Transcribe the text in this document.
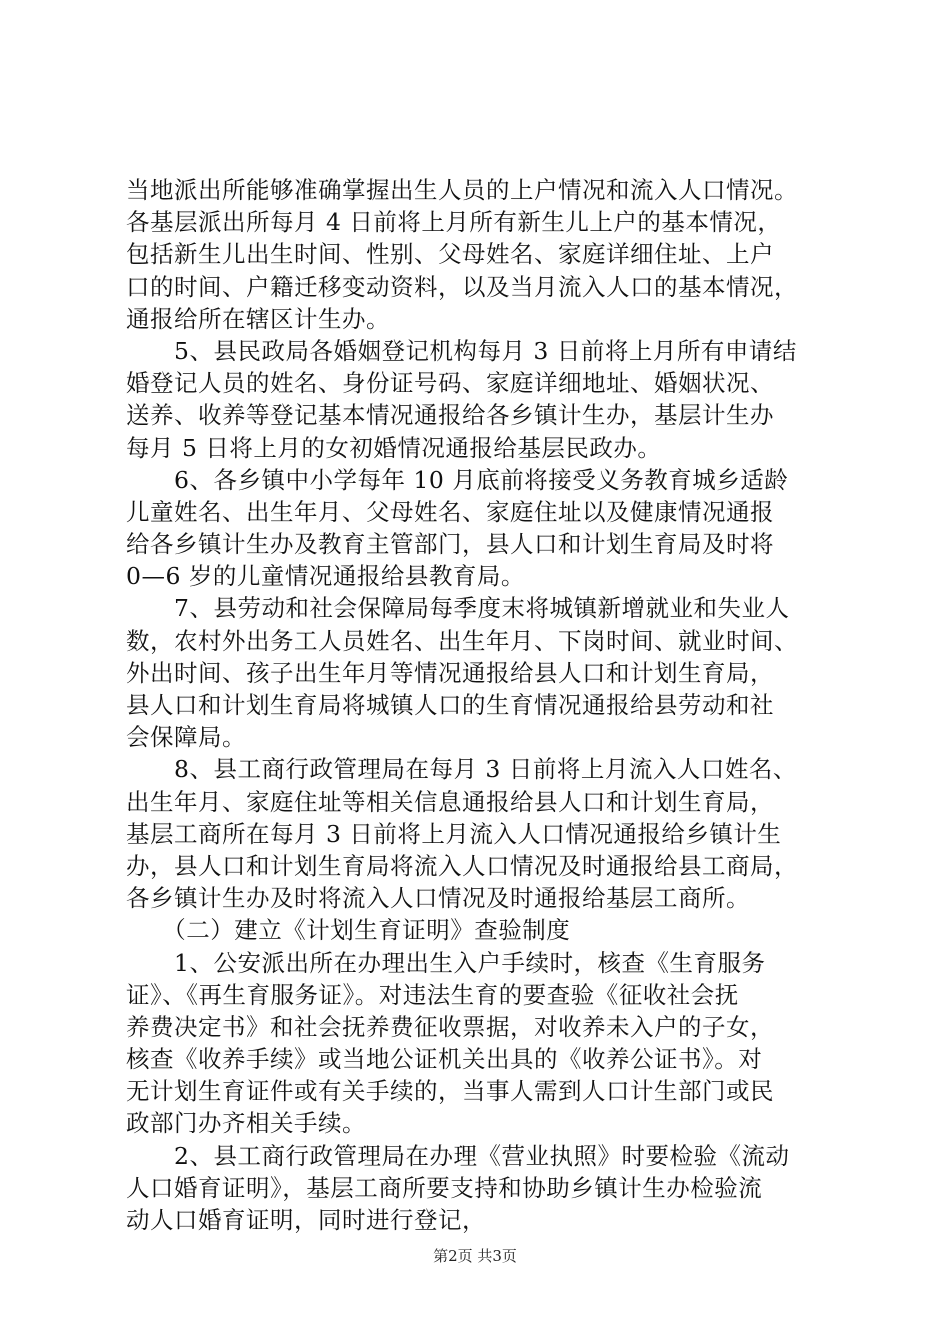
当地派出所能够准确掌握出生人员的上户情况和流入人口情况。
各基层派出所每月 4 日前将上月所有新生儿上户的基本情况，
包括新生儿出生时间、性别、父母姓名、家庭详细住址、上户
口的时间、户籍迁移变动资料，以及当月流入人口的基本情况，
通报给所在辖区计生办。
　　5、县民政局各婚姻登记机构每月 3 日前将上月所有申请结
婚登记人员的姓名、身份证号码、家庭详细地址、婚姻状况、
送养、收养等登记基本情况通报给各乡镇计生办，基层计生办
每月 5 日将上月的女初婚情况通报给基层民政办。
　　6、各乡镇中小学每年 10 月底前将接受义务教育城乡适龄
儿童姓名、出生年月、父母姓名、家庭住址以及健康情况通报
给各乡镇计生办及教育主管部门，县人口和计划生育局及时将
0—6 岁的儿童情况通报给县教育局。
　　7、县劳动和社会保障局每季度末将城镇新增就业和失业人
数，农村外出务工人员姓名、出生年月、下岗时间、就业时间、
外出时间、孩子出生年月等情况通报给县人口和计划生育局，
县人口和计划生育局将城镇人口的生育情况通报给县劳动和社
会保障局。
　　8、县工商行政管理局在每月 3 日前将上月流入人口姓名、
出生年月、家庭住址等相关信息通报给县人口和计划生育局，
基层工商所在每月 3 日前将上月流入人口情况通报给乡镇计生
办，县人口和计划生育局将流入人口情况及时通报给县工商局，
各乡镇计生办及时将流入人口情况及时通报给基层工商所。
　　（二）建立《计划生育证明》查验制度
　　1、公安派出所在办理出生入户手续时，核查《生育服务
证》、《再生育服务证》。对违法生育的要查验《征收社会抚
养费决定书》和社会抚养费征收票据，对收养未入户的子女，
核查《收养手续》或当地公证机关出具的《收养公证书》。对
无计划生育证件或有关手续的，当事人需到人口计生部门或民
政部门办齐相关手续。
　　2、县工商行政管理局在办理《营业执照》时要检验《流动
人口婚育证明》，基层工商所要支持和协助乡镇计生办检验流
动人口婚育证明，同时进行登记，
第2页 共3页
